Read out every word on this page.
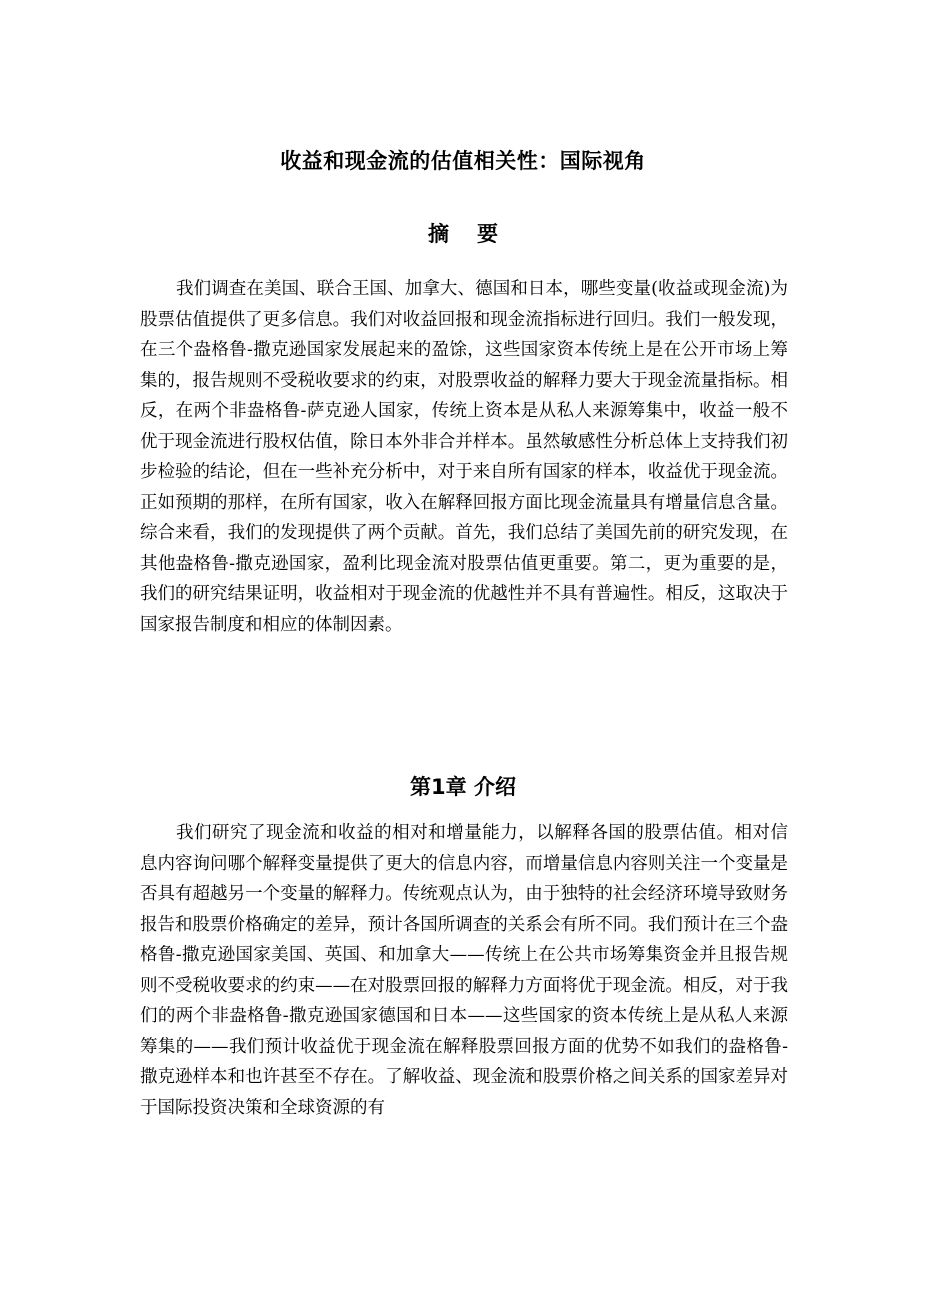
收益和现金流的估值相关性：国际视角
摘 要

我们调查在美国、联合王国、加拿大、德国和日本，哪些变量(收益或现金流)为股票估值提供了更多信息。我们对收益回报和现金流指标进行回归。我们一般发现，在三个盎格鲁-撒克逊国家发展起来的盈馀，这些国家资本传统上是在公开市场上筹集的，报告规则不受税收要求的约束，对股票收益的解释力要大于现金流量指标。相反，在两个非盎格鲁-萨克逊人国家，传统上资本是从私人来源筹集中，收益一般不优于现金流进行股权估值，除日本外非合并样本。虽然敏感性分析总体上支持我们初步检验的结论，但在一些补充分析中，对于来自所有国家的样本，收益优于现金流。正如预期的那样，在所有国家，收入在解释回报方面比现金流量具有增量信息含量。综合来看，我们的发现提供了两个贡献。首先，我们总结了美国先前的研究发现，在其他盎格鲁-撒克逊国家，盈利比现金流对股票估值更重要。第二，更为重要的是，我们的研究结果证明，收益相对于现金流的优越性并不具有普遍性。相反，这取决于国家报告制度和相应的体制因素。

第1章 介绍

我们研究了现金流和收益的相对和增量能力，以解释各国的股票估值。相对信息内容询问哪个解释变量提供了更大的信息内容，而增量信息内容则关注一个变量是否具有超越另一个变量的解释力。传统观点认为，由于独特的社会经济环境导致财务报告和股票价格确定的差异，预计各国所调查的关系会有所不同。我们预计在三个盎格鲁-撒克逊国家美国、英国、和加拿大——传统上在公共市场筹集资金并且报告规则不受税收要求的约束——在对股票回报的解释力方面将优于现金流。相反，对于我们的两个非盎格鲁-撒克逊国家德国和日本——这些国家的资本传统上是从私人来源筹集的——我们预计收益优于现金流在解释股票回报方面的优势不如我们的盎格鲁-撒克逊样本和也许甚至不存在。了解收益、现金流和股票价格之间关系的国家差异对于国际投资决策和全球资源的有
